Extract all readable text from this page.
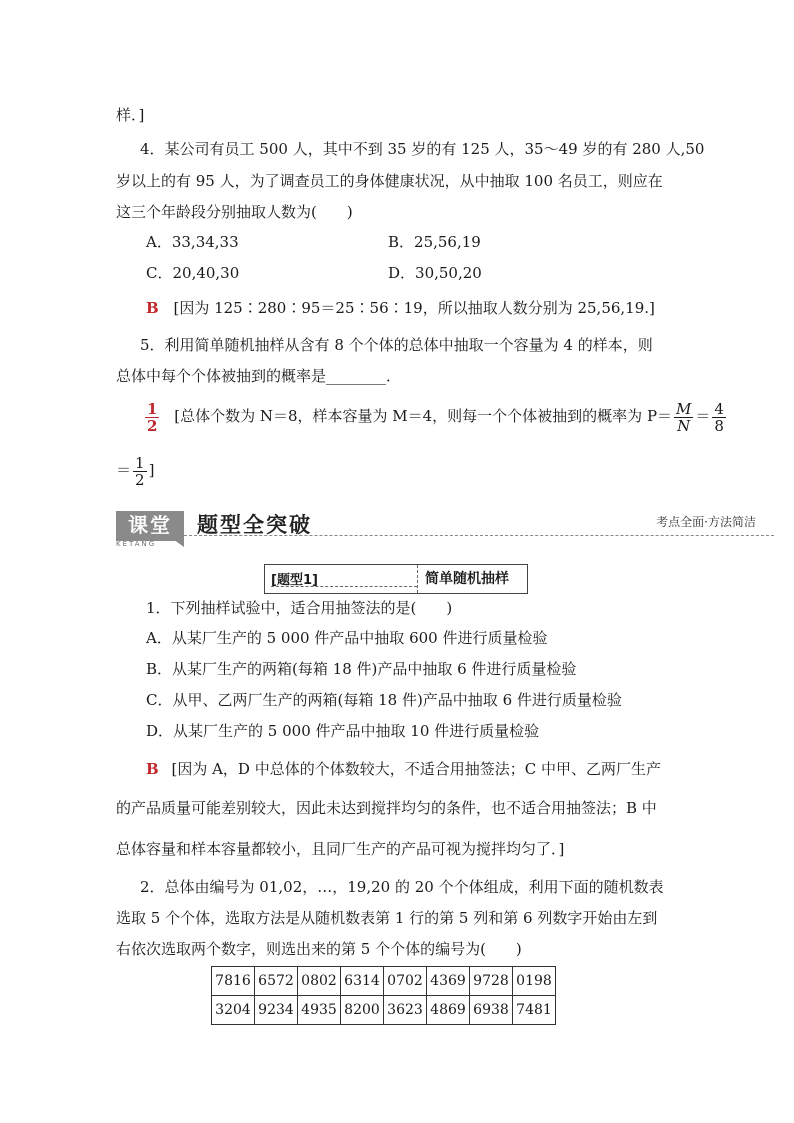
样．]
4．某公司有员工 500 人，其中不到 35 岁的有 125 人，35～49 岁的有 280 人,50
岁以上的有 95 人，为了调查员工的身体健康状况，从中抽取 100 名员工，则应在
这三个年龄段分别抽取人数为(　　)
A．33,34,33	B．25,56,19
C．20,40,30	D．30,50,20
B [因为 125∶280∶95＝25∶56∶19，所以抽取人数分别为 25,56,19.]
5．利用简单随机抽样从含有 8 个个体的总体中抽取一个容量为 4 的样本，则
总体中每个个体被抽到的概率是________．
$\frac{1}{2}$ [总体个数为 N＝8，样本容量为 M＝4，则每一个个体被抽到的概率为 $P= \frac{M}{N} = \frac{4}{8}$
＝ $\frac{1}{2}$ ]
课堂
KETANG
题型全突破	考点全面·方法简洁
[题型1]	简单随机抽样
1．下列抽样试验中，适合用抽签法的是(　　)
A．从某厂生产的 5 000 件产品中抽取 600 件进行质量检验
B．从某厂生产的两箱(每箱 18 件)产品中抽取 6 件进行质量检验
C．从甲、乙两厂生产的两箱(每箱 18 件)产品中抽取 6 件进行质量检验
D．从某厂生产的 5 000 件产品中抽取 10 件进行质量检验
B [因为 A，D 中总体的个体数较大，不适合用抽签法；C 中甲、乙两厂生产
的产品质量可能差别较大，因此未达到搅拌均匀的条件，也不适合用抽签法；B 中
总体容量和样本容量都较小，且同厂生产的产品可视为搅拌均匀了．]
2．总体由编号为 01,02，…，19,20 的 20 个个体组成，利用下面的随机数表
选取 5 个个体，选取方法是从随机数表第 1 行的第 5 列和第 6 列数字开始由左到
右依次选取两个数字，则选出来的第 5 个个体的编号为(　　)
7816	6572	0802	6314	0702	4369	9728	0198
3204	9234	4935	8200	3623	4869	6938	7481
